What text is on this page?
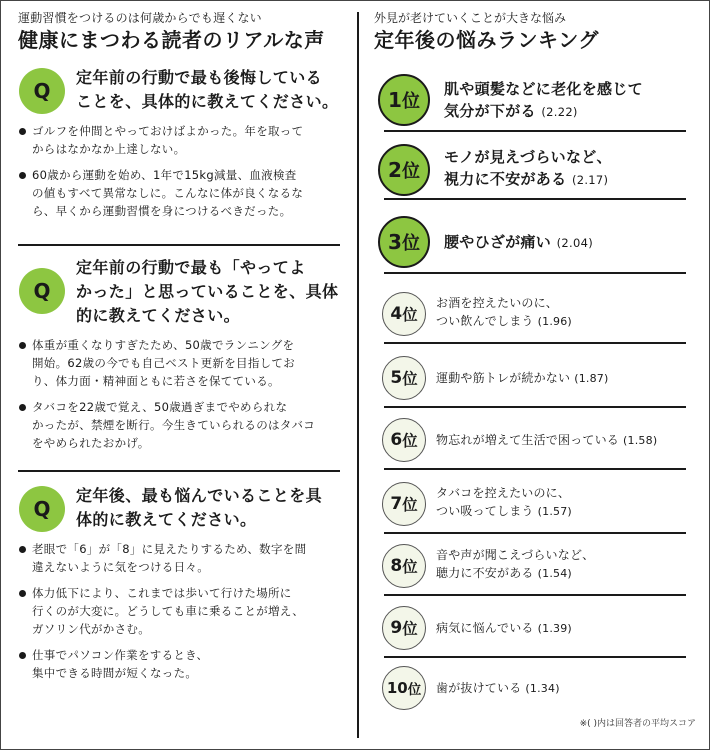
運動習慣をつけるのは何歳からでも遅くない

健康にまつわる読者のリアルな声
Q

定年前の行動で最も後悔している
ことを、具体的に教えてください。

ゴルフを仲間とやっておけばよかった。年を取って
からはなかなか上達しない。
60歳から運動を始め、1年で15kg減量、血液検査
の値もすべて異常なしに。こんなに体が良くなるな
ら、早くから運動習慣を身につけるべきだった。
Q

定年前の行動で最も「やってよ
かった」と思っていることを、具体
的に教えてください。

体重が重くなりすぎたため、50歳でランニングを
開始。62歳の今でも自己ベスト更新を目指してお
り、体力面・精神面ともに若さを保てている。
タバコを22歳で覚え、50歳過ぎまでやめられな
かったが、禁煙を断行。今生きていられるのはタバコ
をやめられたおかげ。
Q

定年後、最も悩んでいることを具
体的に教えてください。

老眼で「6」が「8」に見えたりするため、数字を間
違えないように気をつける日々。
体力低下により、これまでは歩いて行けた場所に
行くのが大変に。どうしても車に乗ることが増え、
ガソリン代がかさむ。
仕事でパソコン作業をするとき、
集中できる時間が短くなった。

外見が老けていくことが大きな悩み

定年後の悩みランキング
1 位
肌や頭髪などに老化を感じて
気分が下がる (2.22)
2 位
モノが見えづらいなど、
視力に不安がある (2.17)
3 位 腰やひざが痛い (2.04)
4 位
お酒を控えたいのに、
つい飲んでしまう (1.96)
5 位 運動や筋トレが続かない (1.87)
6 位 物忘れが増えて生活で困っている (1.58)
7 位
タバコを控えたいのに、
つい吸ってしまう (1.57)
8 位
音や声が聞こえづらいなど、
聴力に不安がある (1.54)
9 位 病気に悩んでいる (1.39)
10 位 歯が抜けている (1.34)
※( )内は回答者の平均スコア
